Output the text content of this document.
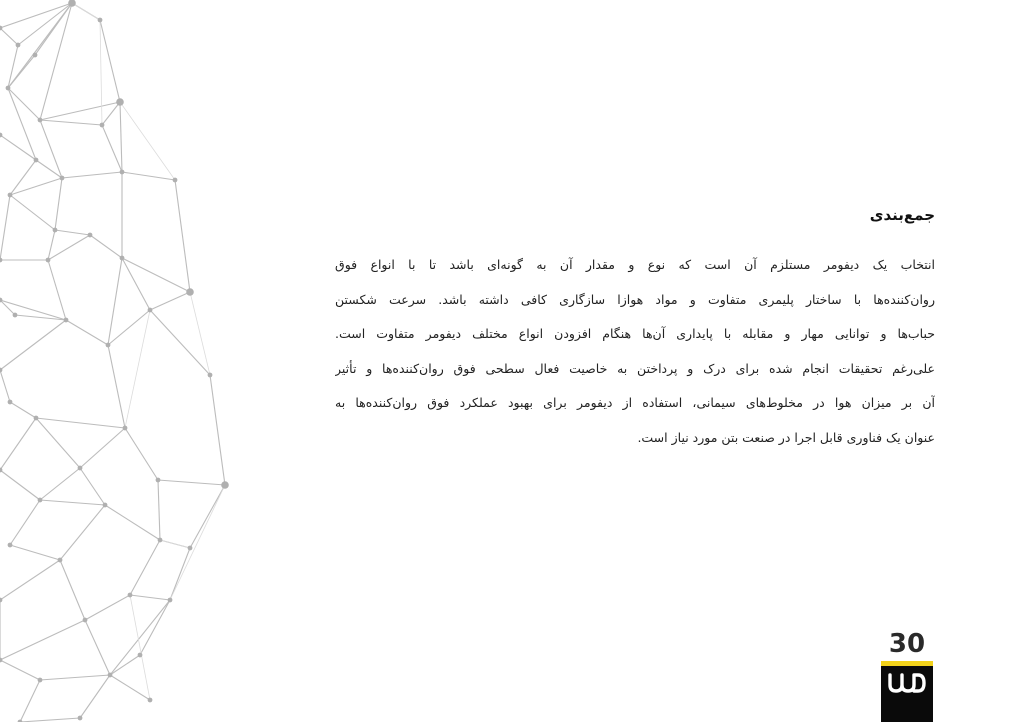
جمع‌بندی
انتخاب یک دیفومر مستلزم آن است که نوع و مقدار آن به گونه‌ای باشد تا با انواع فوق
روان‌کننده‌ها با ساختار پلیمری متفاوت و مواد هوازا سازگاری کافی داشته باشد. سرعت شکستن
حباب‌ها و توانایی مهار و مقابله با پایداری آن‌ها هنگام افزودن انواع مختلف دیفومر متفاوت است.
علی‌رغم تحقیقات انجام شده برای درک و پرداختن به خاصیت فعال سطحی فوق روان‌کننده‌ها و تأثیر
آن بر میزان هوا در مخلوط‌های سیمانی، استفاده از دیفومر برای بهبود عملکرد فوق روان‌کننده‌ها به
عنوان یک فناوری قابل اجرا در صنعت بتن مورد نیاز است.
30
